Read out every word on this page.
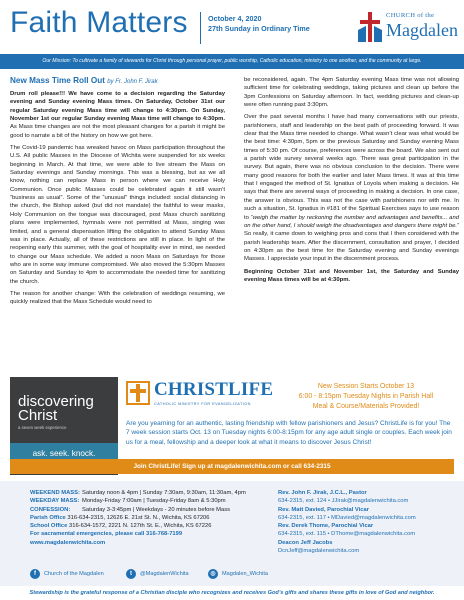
Faith Matters	October 4, 2020
27th Sunday in Ordinary Time
CHURCH of the
Magdalen
Our Mission: To cultivate a family of stewards for Christ through personal prayer, public worship, Catholic education, ministry to one another, and the community at large.
New Mass Time Roll Out by Fr. John F. Jirak

Drum roll please!!! We have come to a decision regarding the Saturday evening and Sunday evening Mass times. On Saturday, October 31st our regular Saturday evening Mass time will change to 4:30pm. On Sunday, November 1st our regular Sunday evening Mass time will change to 4:30pm. As Mass time changes are not the most pleasant changes for a parish it might be good to narrate a bit of the history on how we got here.

The Covid-19 pandemic has wreaked havoc on Mass participation throughout the U.S. All public Masses in the Diocese of Wichita were suspended for six weeks beginning in March. At that time, we were able to live stream the Mass on Saturday evenings and Sunday mornings. This was a blessing, but as we all know, nothing can replace Mass in person where we can receive Holy Communion. Once public Masses could be celebrated again it still wasn’t “business as usual”. Some of the “unusual” things included: social distancing in the church, the Bishop asked (but did not mandate) the faithful to wear masks, Holy Communion on the tongue was discouraged, post Mass church sanitizing plans were implemented, hymnals were not permitted at Mass, singing was limited, and a general dispensation lifting the obligation to attend Sunday Mass was in place. Actually, all of these restrictions are still in place. In light of the reopening early this summer, with the goal of hospitality ever in mind, we needed to change our Mass schedule. We added a noon Mass on Saturdays for those who are in some way immune compromised. We also moved the 5:30pm Masses on Saturday and Sunday to 4pm to accommodate the needed time for sanitizing the church.

The reason for another change: With the celebration of weddings resuming, we quickly realized that the Mass Schedule would need to

be reconsidered, again. The 4pm Saturday evening Mass time was not allowing sufficient time for celebrating weddings, taking pictures and clean up before the 3pm Confessions on Saturday afternoon. In fact, wedding pictures and clean-up were often running past 3:30pm.

Over the past several months I have had many conversations with our priests, parishioners, staff and leadership on the best path of proceeding forward. It was clear that the Mass time needed to change. What wasn’t clear was what would be the best time: 4:30pm, 5pm or the previous Saturday and Sunday evening Mass times of 5:30 pm. Of course, preferences were across the board. We also sent out a parish wide survey several weeks ago. There was great participation in the survey. But again, there was no obvious conclusion to the decision. There were many good reasons for both the earlier and later Mass times. It was at this time that I engaged the method of St. Ignatius of Loyola when making a decision. He says that there are several ways of proceeding in making a decision. In one case, the answer is obvious. This was not the case with parishioners nor with me. In such a situation, St. Ignatius in #181 of the Spiritual Exercises says to use reason to “weigh the matter by reckoning the number and advantages and benefits... and on the other hand, I should weigh the disadvantages and dangers there might be.” So really, it came down to weighing pros and cons that I then considered with the parish leadership team. After the discernment, consultation and prayer, I decided on 4:30pm as the best time for the Saturday evening and Sunday evenings Masses. I appreciate your input in the discernment process.

Beginning October 31st and November 1st, the Saturday and Sunday evening Mass times will be at 4:30pm.

discovering
Christ
a seven week experience
ask. seek. knock.
CHRISTLIFE
CATHOLIC MINISTRY FOR EVANGELIZATION
New Session Starts October 13
6:00 - 8:15pm Tuesday Nights in Parish Hall
Meal & Course/Materials Provided!
Are you yearning for an authentic, lasting friendship with fellow parishioners and Jesus? ChristLife is for you! The 7 week session starts Oct. 13 on Tuesday nights 6:00-8:15pm for any age adult single or couples. Each week join us for a meal, fellowship and a deeper look at what it means to discover Jesus Christ!
Join ChristLife! Sign up at magdalenwichita.com or call 634-2315
WEEKEND MASS: Saturday noon & 4pm | Sunday 7:30am, 9:30am, 11:30am, 4pm
WEEKDAY MASS: Monday-Friday 7:00am | Tuesday-Friday 8am & 5:30pm
CONFESSION: Saturday 3-3:45pm | Weekdays - 20 minutes before Mass
Parish Office 316-634-2315, 12626 E. 21st St. N., Wichita, KS 67206
School Office 316-634-1572, 2221 N. 127th St. E., Wichita, KS 67226
For sacramental emergencies, please call 316-768-7199
www.magdalenwichita.com
Rev. John F. Jirak, J.C.L., Pastor
634-2315, ext. 124 • JJirak@magdalenwichita.com
Rev. Matt Davied, Parochial Vicar
634-2315, ext. 117 • MDavied@magdalenwichita.com
Rev. Derek Thome, Parochial Vicar
634-2315, ext. 115 • DThome@magdalenwichita.com
Deacon Jeff Jacobs
DcnJeff@magdalenwichita.com
f Church of the Magdalen	t @MagdalenWichita	◎ Magdalen_Wichita
Stewardship is the grateful response of a Christian disciple who recognizes and receives God’s gifts and shares these gifts in love of God and neighbor.
